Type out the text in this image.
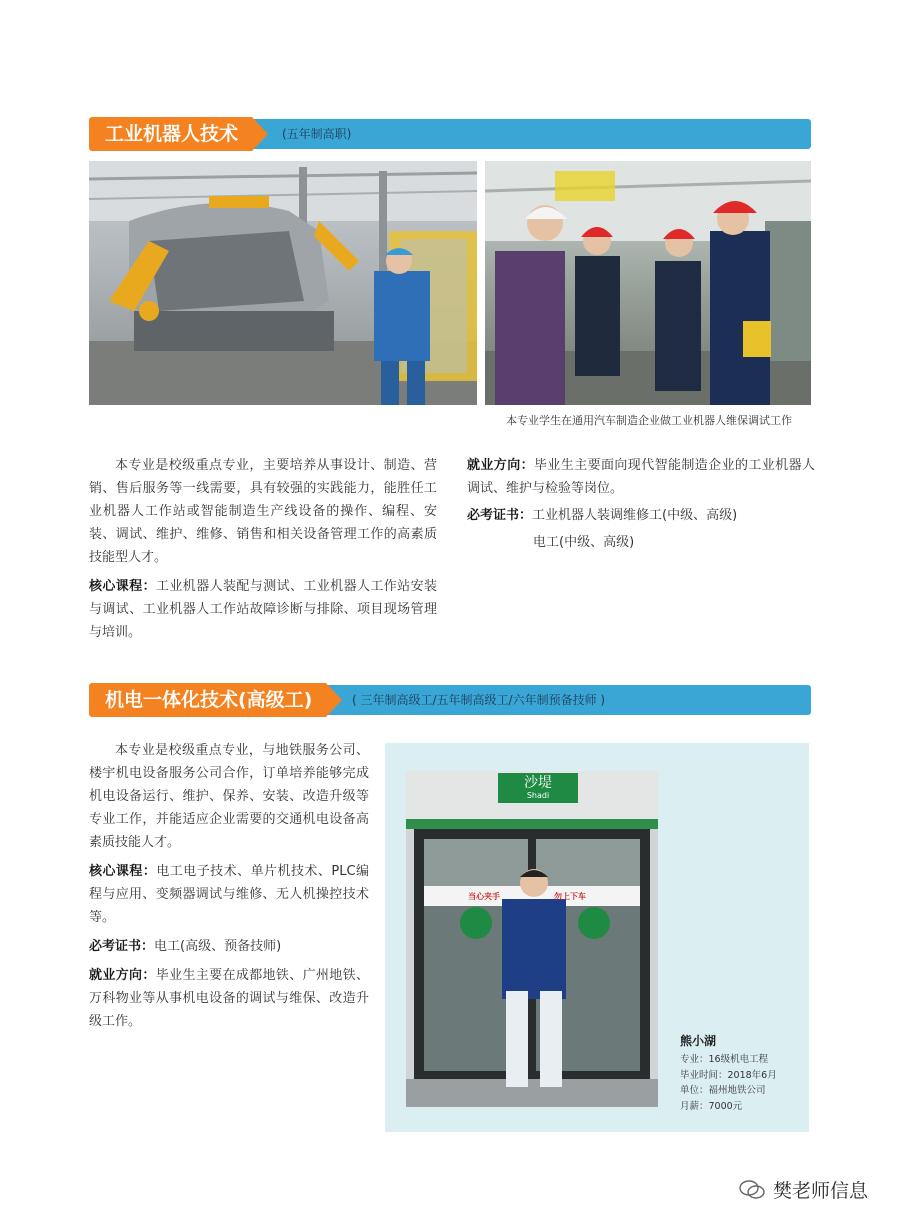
工业机器人技术	(五年制高职)
本专业学生在通用汽车制造企业做工业机器人维保调试工作
本专业是校级重点专业，主要培养从事设计、制造、营销、售后服务等一线需要，具有较强的实践能力，能胜任工业机器人工作站或智能制造生产线设备的操作、编程、安装、调试、维护、维修、销售和相关设备管理工作的高素质技能型人才。
核心课程：工业机器人装配与测试、工业机器人工作站安装与调试、工业机器人工作站故障诊断与排除、项目现场管理与培训。
就业方向：毕业生主要面向现代智能制造企业的工业机器人调试、维护与检验等岗位。
必考证书：工业机器人装调维修工(中级、高级)
电工(中级、高级)
机电一体化技术(高级工)	( 三年制高级工/五年制高级工/六年制预备技师 )
本专业是校级重点专业，与地铁服务公司、楼宇机电设备服务公司合作，订单培养能够完成机电设备运行、维护、保养、安装、改造升级等专业工作，并能适应企业需要的交通机电设备高素质技能人才。
核心课程：电工电子技术、单片机技术、PLC编程与应用、变频器调试与维修、无人机操控技术等。
必考证书：电工(高级、预备技师)
就业方向：毕业生主要在成都地铁、广州地铁、万科物业等从事机电设备的调试与维保、改造升级工作。
沙堤
Shadi
当心夹手	勿上下车
熊小湖
专业：16级机电工程
毕业时间：2018年6月
单位：福州地铁公司
月薪：7000元
樊老师信息
